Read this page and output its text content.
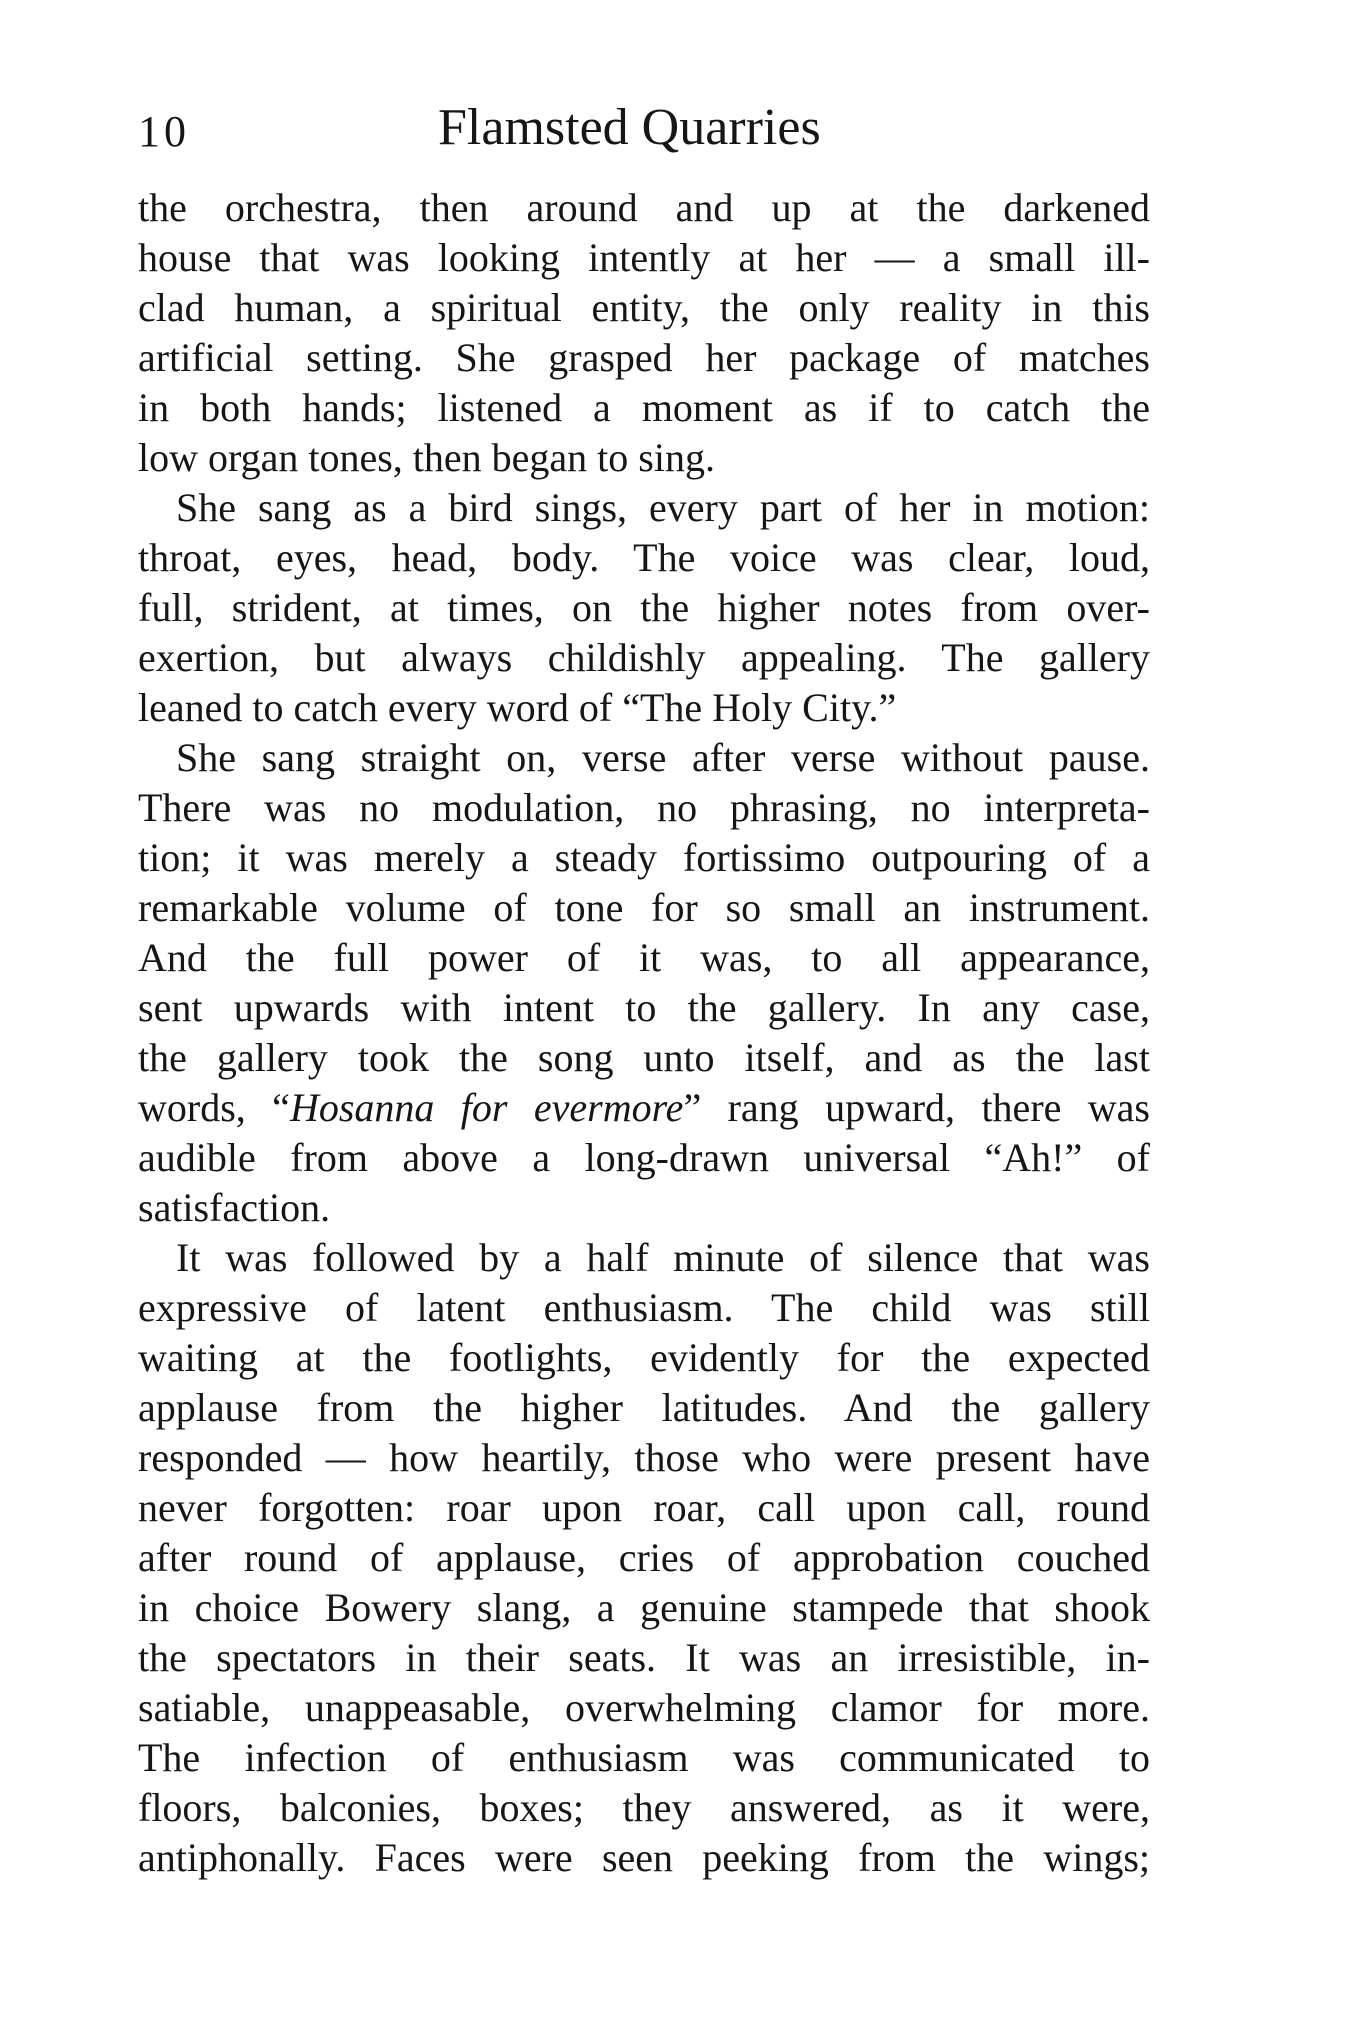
10	Flamsted Quarries
the orchestra, then around and up at the darkened
house that was looking intently at her — a small ill-
clad human, a spiritual entity, the only reality in this
artificial setting. She grasped her package of matches
in both hands; listened a moment as if to catch the
low organ tones, then began to sing.
She sang as a bird sings, every part of her in motion:
throat, eyes, head, body. The voice was clear, loud,
full, strident, at times, on the higher notes from over-
exertion, but always childishly appealing. The gallery
leaned to catch every word of “The Holy City.”
She sang straight on, verse after verse without pause.
There was no modulation, no phrasing, no interpreta-
tion; it was merely a steady fortissimo outpouring of a
remarkable volume of tone for so small an instrument.
And the full power of it was, to all appearance,
sent upwards with intent to the gallery. In any case,
the gallery took the song unto itself, and as the last
words, “Hosanna for evermore” rang upward, there was
audible from above a long-drawn universal “Ah!” of
satisfaction.
It was followed by a half minute of silence that was
expressive of latent enthusiasm. The child was still
waiting at the footlights, evidently for the expected
applause from the higher latitudes. And the gallery
responded — how heartily, those who were present have
never forgotten: roar upon roar, call upon call, round
after round of applause, cries of approbation couched
in choice Bowery slang, a genuine stampede that shook
the spectators in their seats. It was an irresistible, in-
satiable, unappeasable, overwhelming clamor for more.
The infection of enthusiasm was communicated to
floors, balconies, boxes; they answered, as it were,
antiphonally. Faces were seen peeking from the wings;
